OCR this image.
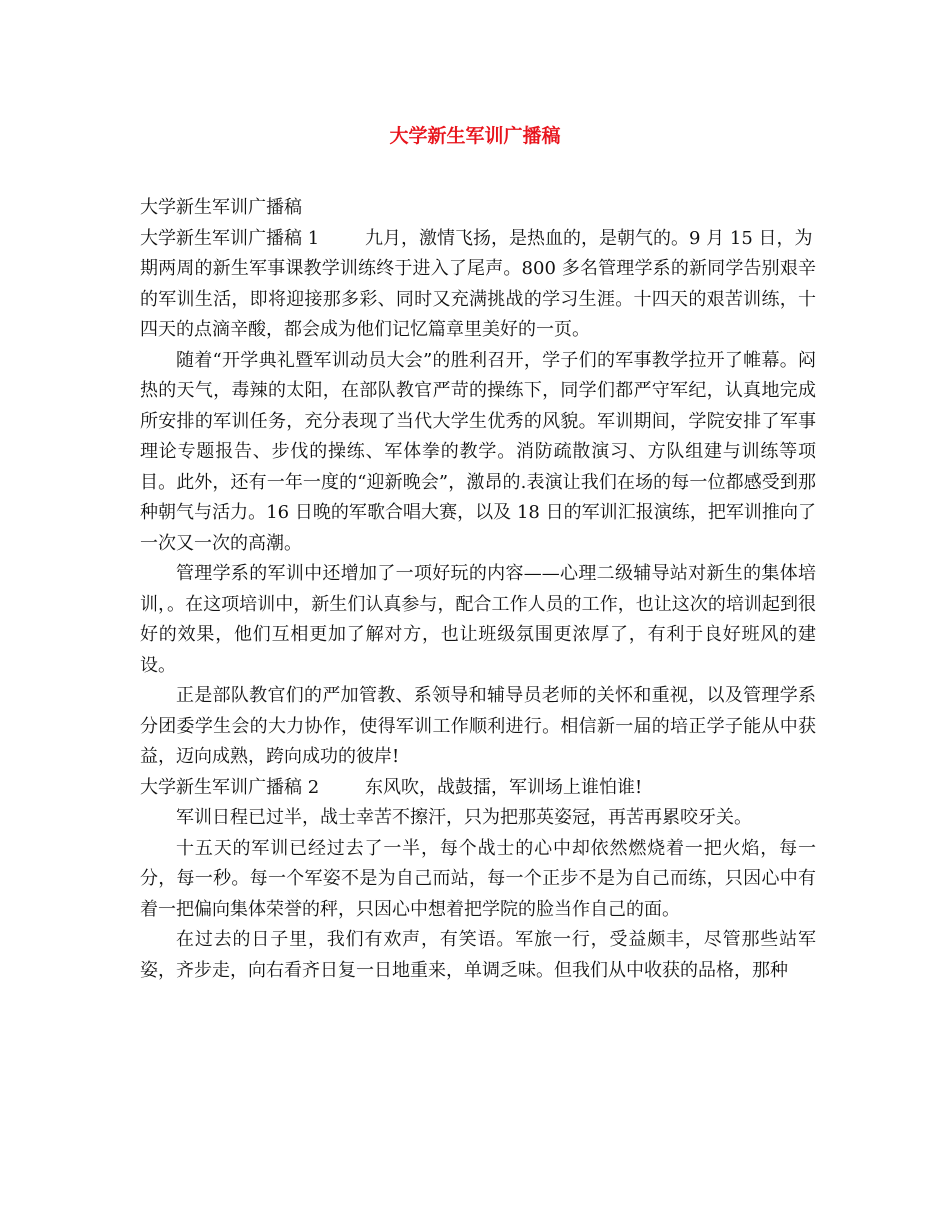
大学新生军训广播稿
大学新生军训广播稿
大学新生军训广播稿 1	九月，激情飞扬，是热血的，是朝气的。9 月 15 日，为

期两周的新生军事课教学训练终于进入了尾声。800 多名管理学系的新同学告别艰辛的军训生活，即将迎接那多彩、同时又充满挑战的学习生涯。十四天的艰苦训练，十四天的点滴辛酸，都会成为他们记忆篇章里美好的一页。

随着“开学典礼暨军训动员大会”的胜利召开，学子们的军事教学拉开了帷幕。闷热的天气，毒辣的太阳，在部队教官严苛的操练下，同学们都严守军纪，认真地完成所安排的军训任务，充分表现了当代大学生优秀的风貌。军训期间，学院安排了军事理论专题报告、步伐的操练、军体拳的教学。消防疏散演习、方队组建与训练等项目。此外，还有一年一度的“迎新晚会”，激昂的.表演让我们在场的每一位都感受到那种朝气与活力。16 日晚的军歌合唱大赛，以及 18 日的军训汇报演练，把军训推向了一次又一次的高潮。

管理学系的军训中还增加了一项好玩的内容——心理二级辅导站对新生的集体培训，。在这项培训中，新生们认真参与，配合工作人员的工作，也让这次的培训起到很好的效果，他们互相更加了解对方，也让班级氛围更浓厚了，有利于良好班风的建设。

正是部队教官们的严加管教、系领导和辅导员老师的关怀和重视，以及管理学系分团委学生会的大力协作，使得军训工作顺利进行。相信新一届的培正学子能从中获益，迈向成熟，跨向成功的彼岸!

大学新生军训广播稿 2	东风吹，战鼓擂，军训场上谁怕谁!

军训日程已过半，战士幸苦不擦汗，只为把那英姿冠，再苦再累咬牙关。

十五天的军训已经过去了一半，每个战士的心中却依然燃烧着一把火焰，每一分，每一秒。每一个军姿不是为自己而站，每一个正步不是为自己而练，只因心中有着一把偏向集体荣誉的秤，只因心中想着把学院的脸当作自己的面。

在过去的日子里，我们有欢声，有笑语。军旅一行，受益颇丰，尽管那些站军姿，齐步走，向右看齐日复一日地重来，单调乏味。但我们从中收获的品格，那种
